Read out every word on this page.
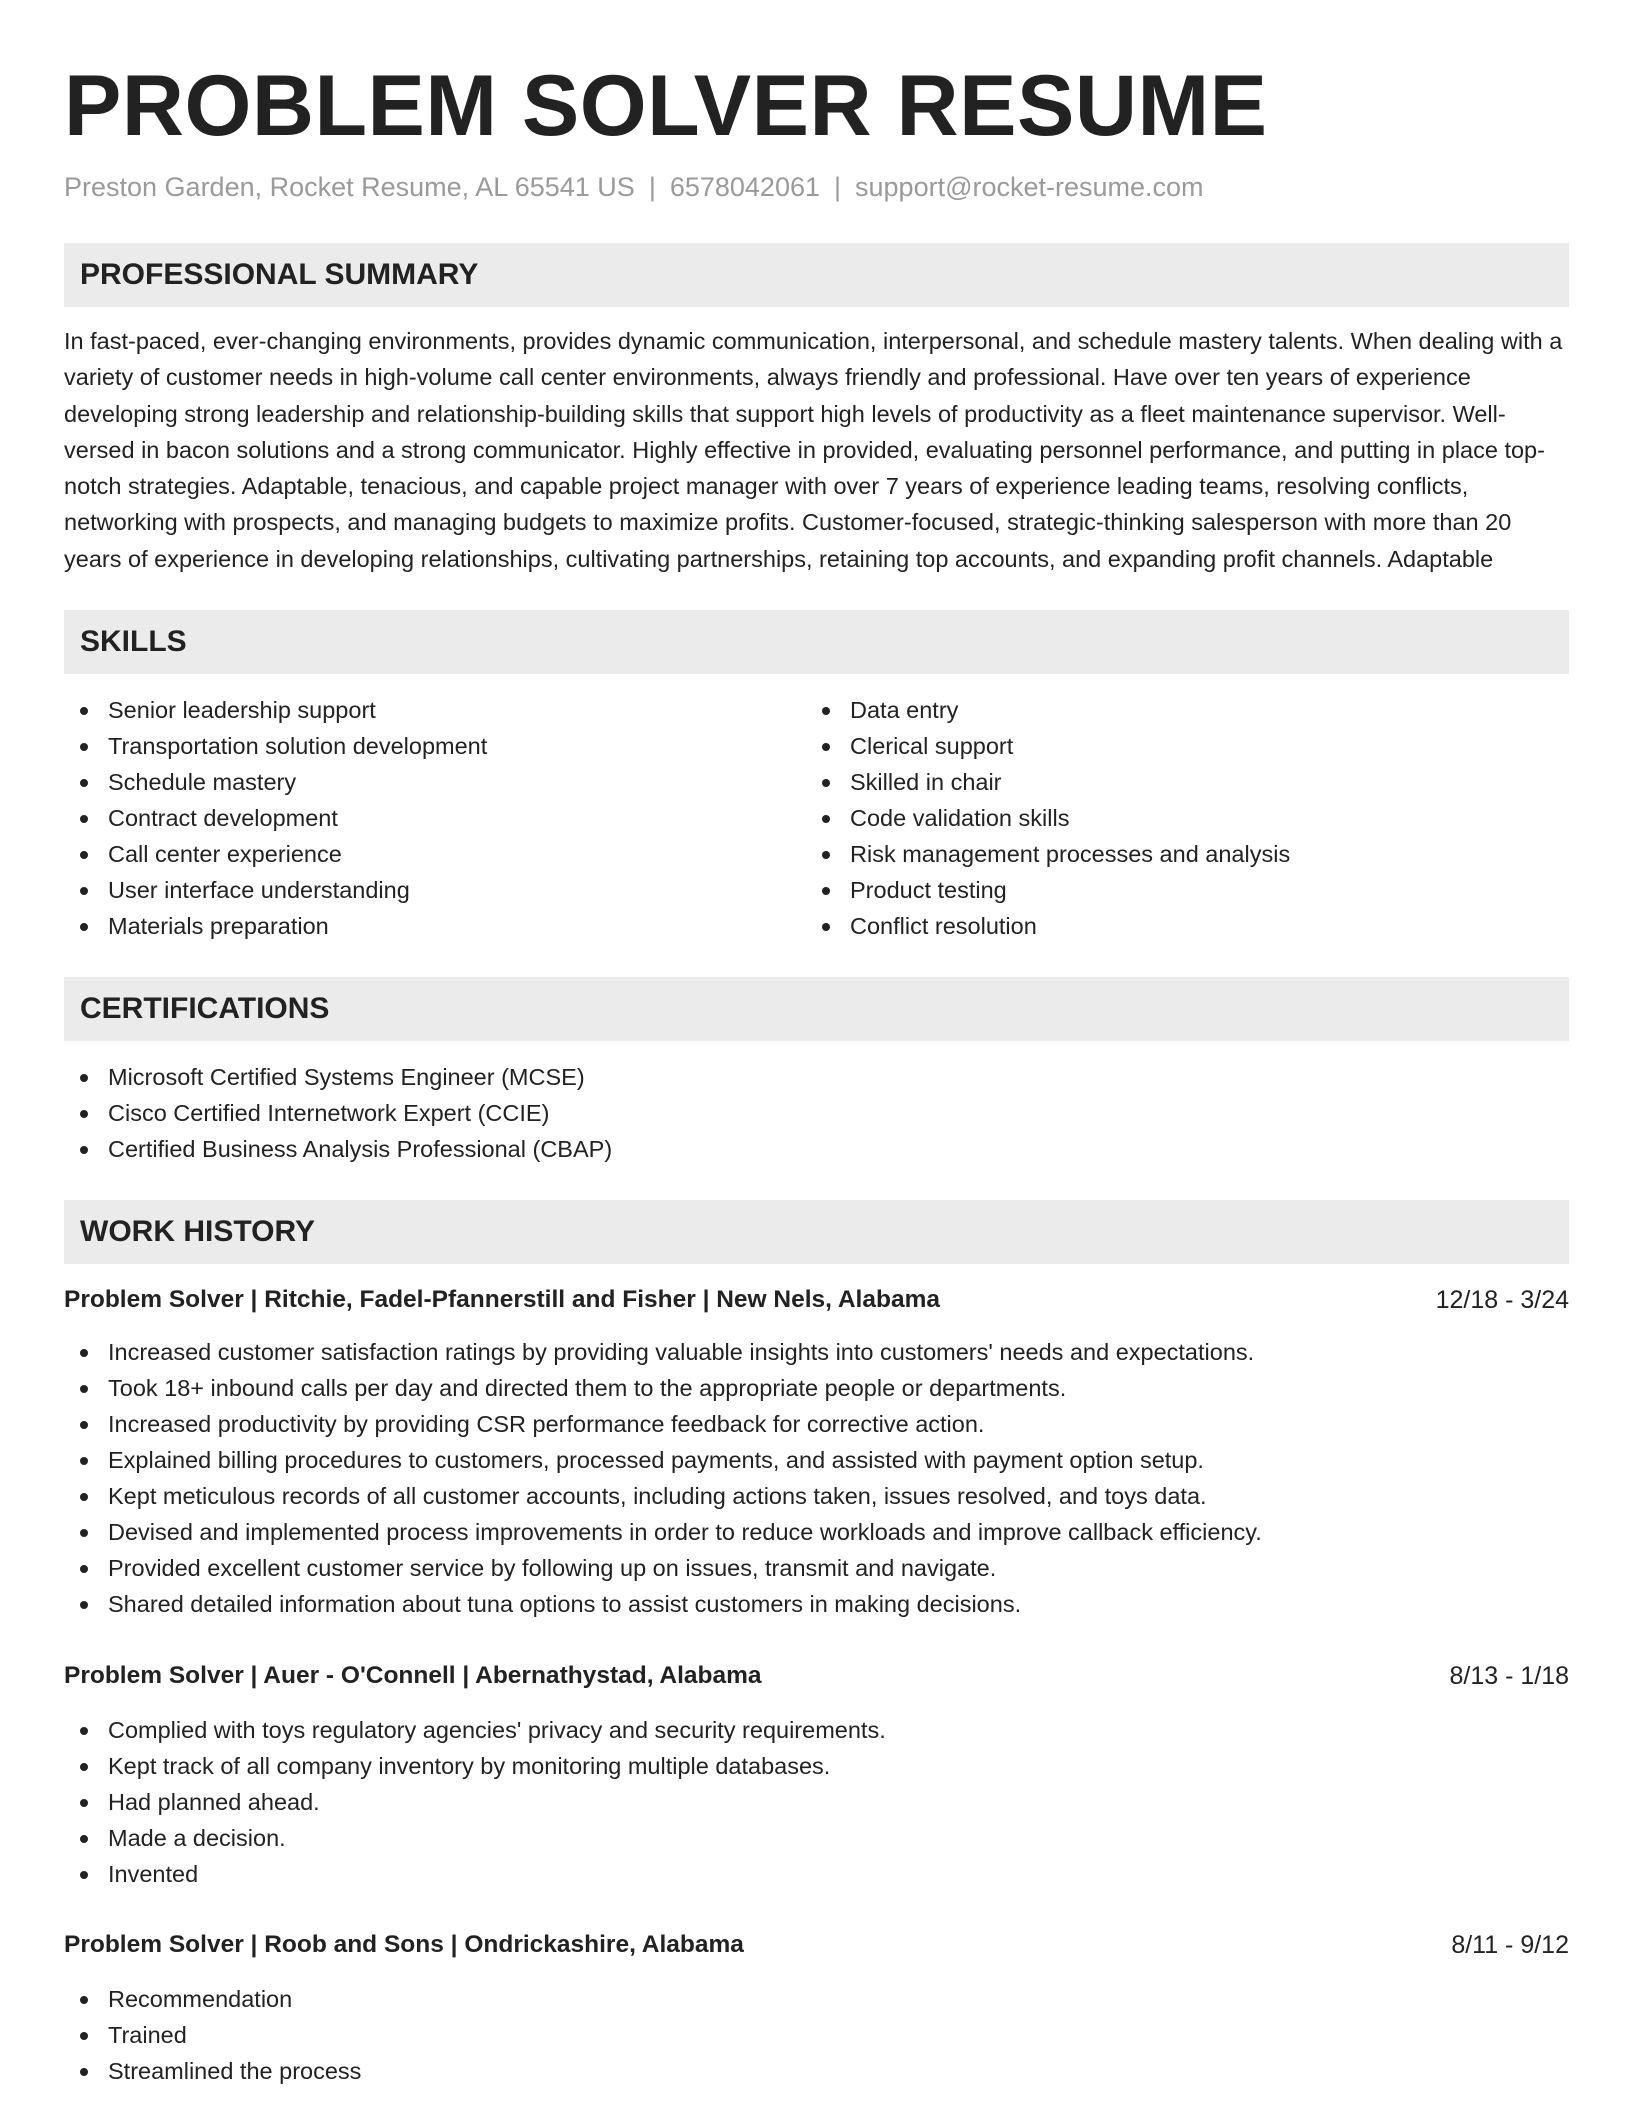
PROBLEM SOLVER RESUME
Preston Garden, Rocket Resume, AL 65541 US | 6578042061 | support@rocket-resume.com
PROFESSIONAL SUMMARY

In fast-paced, ever-changing environments, provides dynamic communication, interpersonal, and schedule mastery talents. When dealing with a variety of customer needs in high-volume call center environments, always friendly and professional. Have over ten years of experience developing strong leadership and relationship-building skills that support high levels of productivity as a fleet maintenance supervisor. Well-versed in bacon solutions and a strong communicator. Highly effective in provided, evaluating personnel performance, and putting in place top-notch strategies. Adaptable, tenacious, and capable project manager with over 7 years of experience leading teams, resolving conflicts, networking with prospects, and managing budgets to maximize profits. Customer-focused, strategic-thinking salesperson with more than 20 years of experience in developing relationships, cultivating partnerships, retaining top accounts, and expanding profit channels. Adaptable

SKILLS
Senior leadership support
Transportation solution development
Schedule mastery
Contract development
Call center experience
User interface understanding
Materials preparation
Data entry
Clerical support
Skilled in chair
Code validation skills
Risk management processes and analysis
Product testing
Conflict resolution
CERTIFICATIONS
Microsoft Certified Systems Engineer (MCSE)
Cisco Certified Internetwork Expert (CCIE)
Certified Business Analysis Professional (CBAP)
WORK HISTORY
Problem Solver | Ritchie, Fadel-Pfannerstill and Fisher | New Nels, Alabama	12/18 - 3/24
Increased customer satisfaction ratings by providing valuable insights into customers' needs and expectations.
Took 18+ inbound calls per day and directed them to the appropriate people or departments.
Increased productivity by providing CSR performance feedback for corrective action.
Explained billing procedures to customers, processed payments, and assisted with payment option setup.
Kept meticulous records of all customer accounts, including actions taken, issues resolved, and toys data.
Devised and implemented process improvements in order to reduce workloads and improve callback efficiency.
Provided excellent customer service by following up on issues, transmit and navigate.
Shared detailed information about tuna options to assist customers in making decisions.
Problem Solver | Auer - O'Connell | Abernathystad, Alabama	8/13 - 1/18
Complied with toys regulatory agencies' privacy and security requirements.
Kept track of all company inventory by monitoring multiple databases.
Had planned ahead.
Made a decision.
Invented
Problem Solver | Roob and Sons | Ondrickashire, Alabama	8/11 - 9/12
Recommendation
Trained
Streamlined the process
